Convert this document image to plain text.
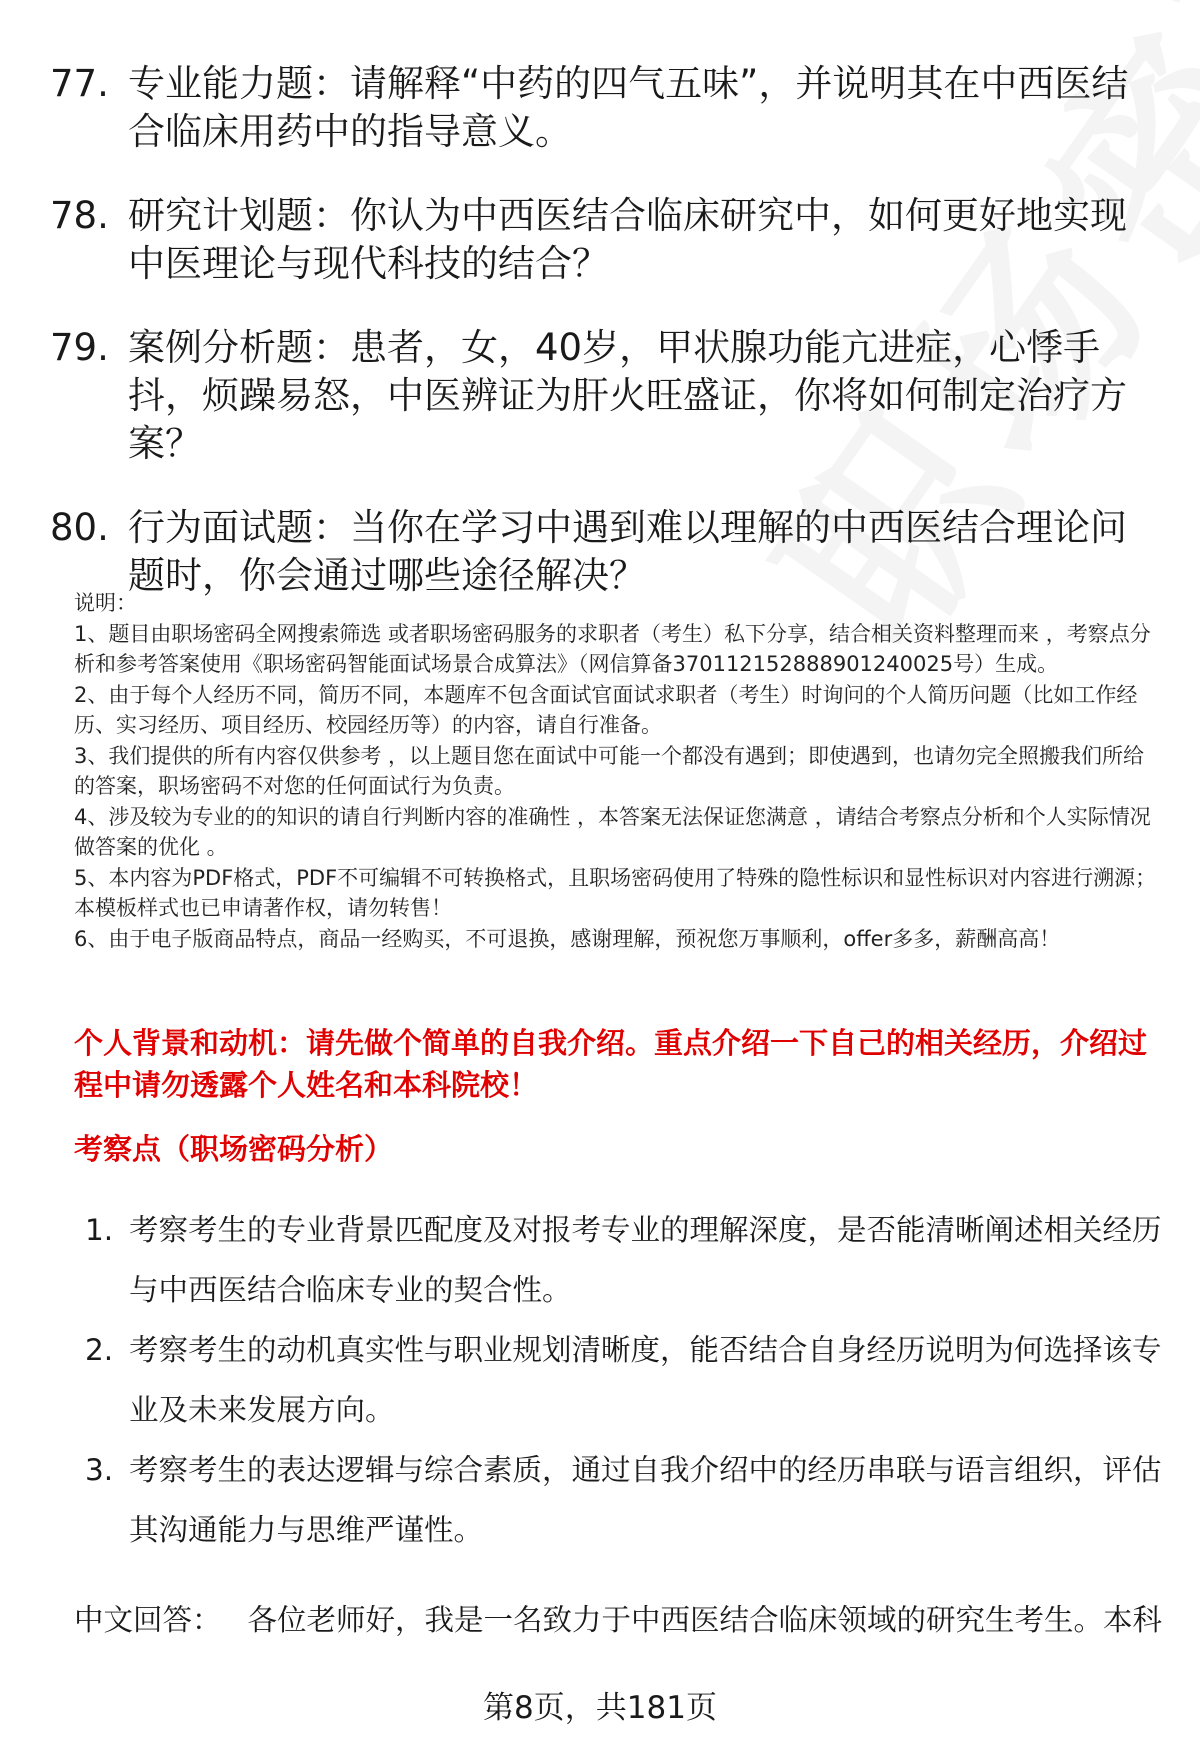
77. 专业能力题：请解释“中药的四气五味”，并说明其在中西医结合临床用药中的指导意义。
78. 研究计划题：你认为中西医结合临床研究中，如何更好地实现中医理论与现代科技的结合？
79. 案例分析题：患者，女，40岁，甲状腺功能亢进症，心悸手抖，烦躁易怒，中医辨证为肝火旺盛证，你将如何制定治疗方案？
80. 行为面试题：当你在学习中遇到难以理解的中西医结合理论问题时，你会通过哪些途径解决？
说明：
1、题目由职场密码全网搜索筛选 或者职场密码服务的求职者（考生）私下分享，结合相关资料整理而来 ，考察点分析和参考答案使用《职场密码智能面试场景合成算法》（网信算备370112152888901240025号）生成。
2、由于每个人经历不同，简历不同，本题库不包含面试官面试求职者（考生）时询问的个人简历问题（比如工作经历、实习经历、项目经历、校园经历等）的内容，请自行准备。
3、我们提供的所有内容仅供参考 ，以上题目您在面试中可能一个都没有遇到；即使遇到，也请勿完全照搬我们所给的答案，职场密码不对您的任何面试行为负责。
4、涉及较为专业的的知识的请自行判断内容的准确性 ，本答案无法保证您满意 ，请结合考察点分析和个人实际情况做答案的优化 。
5、本内容为PDF格式，PDF不可编辑不可转换格式，且职场密码使用了特殊的隐性标识和显性标识对内容进行溯源；本模板样式也已申请著作权，请勿转售！
6、由于电子版商品特点，商品一经购买，不可退换，感谢理解，预祝您万事顺利，offer多多，薪酬高高！
个人背景和动机：请先做个简单的自我介绍。重点介绍一下自己的相关经历，介绍过程中请勿透露个人姓名和本科院校！
考察点（职场密码分析）
1. 考察考生的专业背景匹配度及对报考专业的理解深度，是否能清晰阐述相关经历与中西医结合临床专业的契合性。
2. 考察考生的动机真实性与职业规划清晰度，能否结合自身经历说明为何选择该专业及未来发展方向。
3. 考察考生的表达逻辑与综合素质，通过自我介绍中的经历串联与语言组织，评估其沟通能力与思维严谨性。
中文回答： 各位老师好，我是一名致力于中西医结合临床领域的研究生考生。本科
第8页，共181页
